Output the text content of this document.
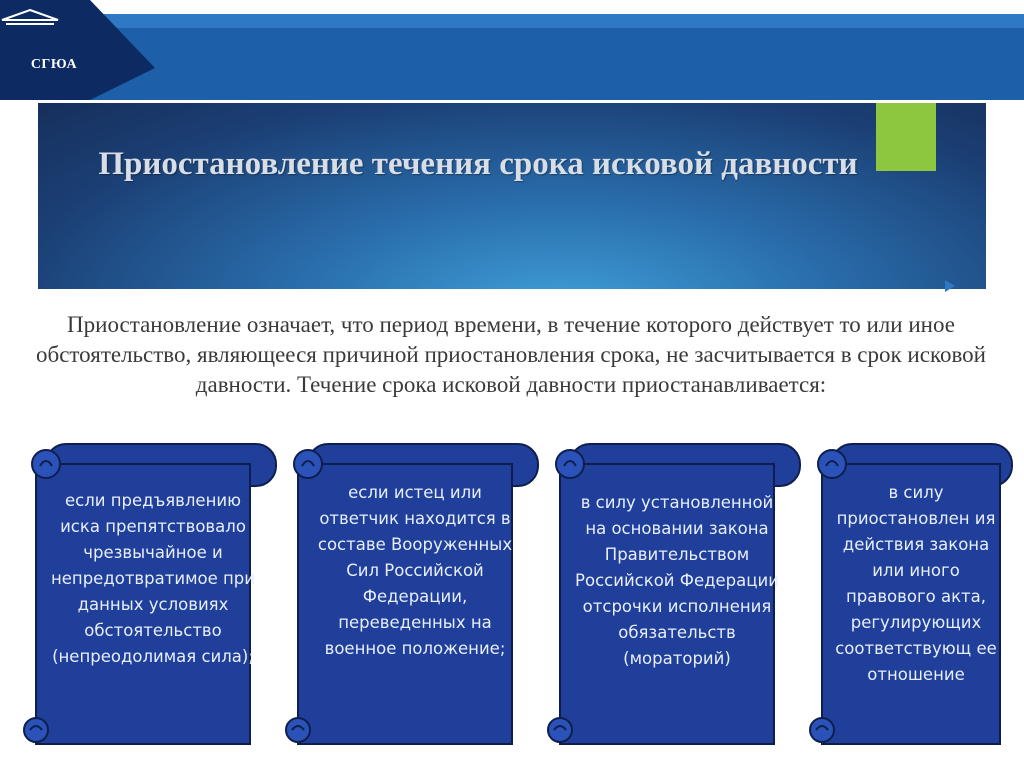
СГЮА
Приостановление течения срока исковой давности
Приостановление означает, что период времени, в течение которого действует то или иное обстоятельство, являющееся причиной приостановления срока, не засчитывается в срок исковой давности. Течение срока исковой давности приостанавливается:
если предъявлению иска препятствовало чрезвычайное и непредотвратимое при данных условиях обстоятельство (непреодолимая сила);
если истец или ответчик находится в составе Вооруженных Сил Российской Федерации, переведенных на военное положение;
в силу установленной на основании закона Правительством Российской Федерации отсрочки исполнения обязательств (мораторий)
в силу приостановлен ия действия закона или иного правового акта, регулирующих соответствующ ее отношение
